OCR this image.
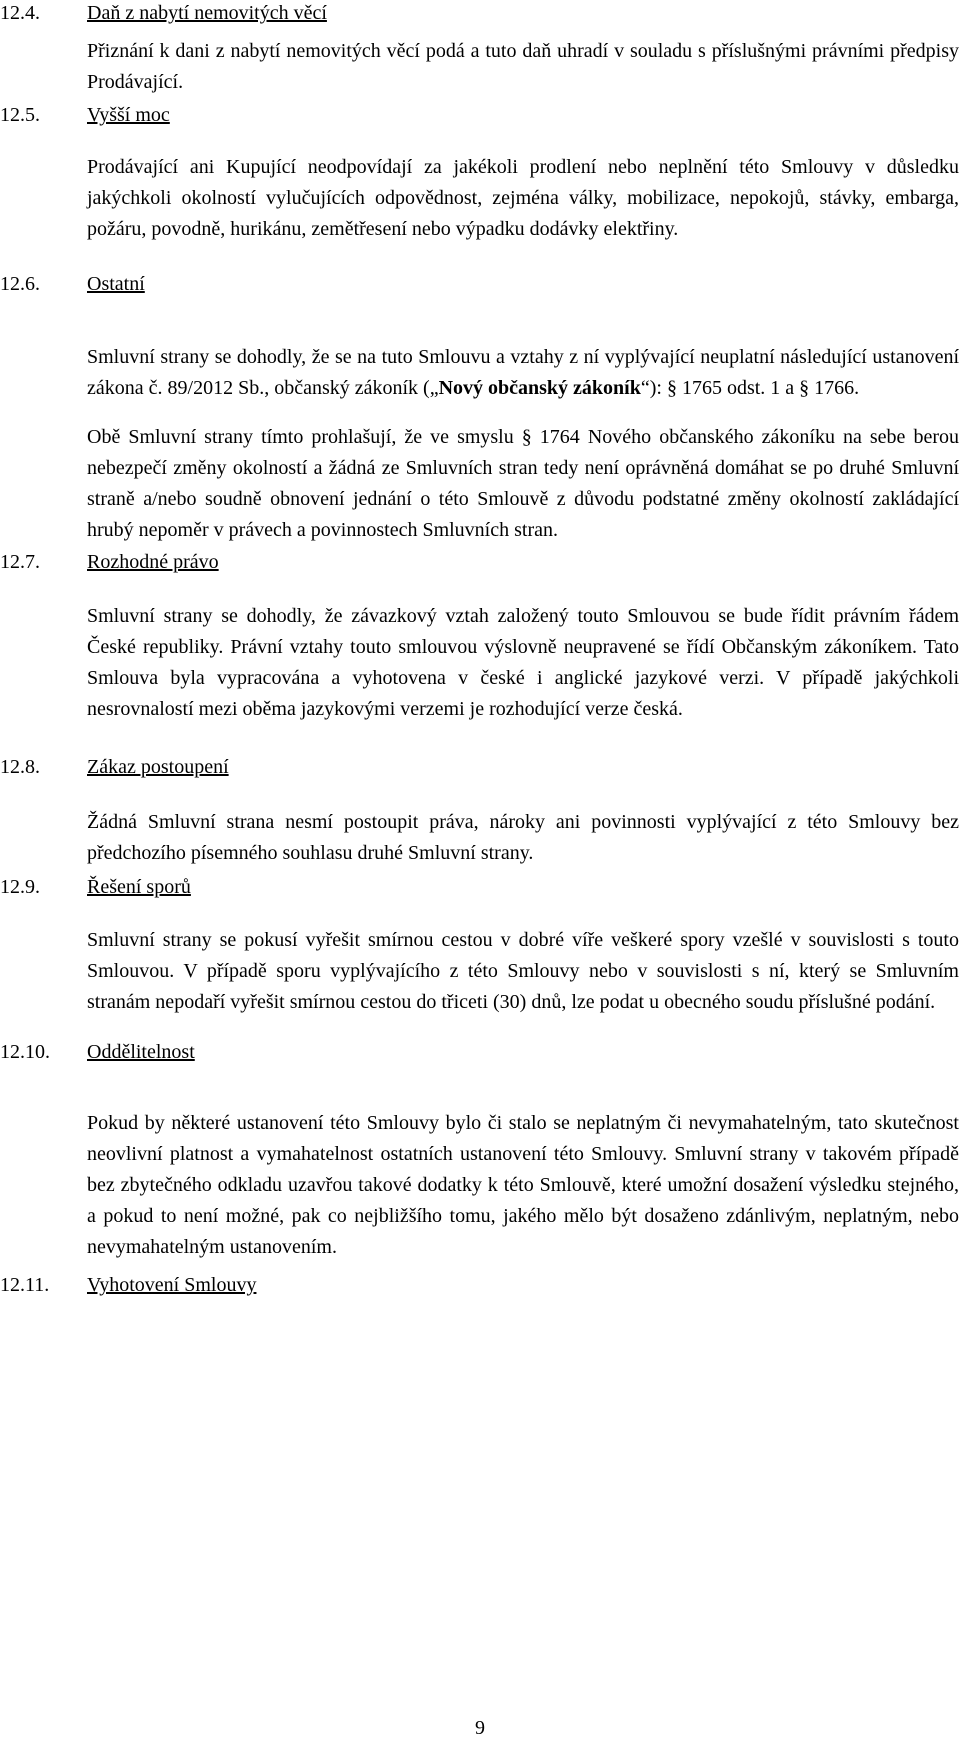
12.4. Daň z nabytí nemovitých věcí

Přiznání k dani z nabytí nemovitých věcí podá a tuto daň uhradí v souladu s příslušnými právními předpisy Prodávající.

12.5. Vyšší moc

Prodávající ani Kupující neodpovídají za jakékoli prodlení nebo neplnění této Smlouvy v důsledku jakýchkoli okolností vylučujících odpovědnost, zejména války, mobilizace, nepokojů, stávky, embarga, požáru, povodně, hurikánu, zemětřesení nebo výpadku dodávky elektřiny.

12.6. Ostatní

Smluvní strany se dohodly, že se na tuto Smlouvu a vztahy z ní vyplývající neuplatní následující ustanovení zákona č. 89/2012 Sb., občanský zákoník („Nový občanský zákoník“): § 1765 odst. 1 a § 1766.

Obě Smluvní strany tímto prohlašují, že ve smyslu § 1764 Nového občanského zákoníku na sebe berou nebezpečí změny okolností a žádná ze Smluvních stran tedy není oprávněná domáhat se po druhé Smluvní straně a/nebo soudně obnovení jednání o této Smlouvě z důvodu podstatné změny okolností zakládající hrubý nepoměr v právech a povinnostech Smluvních stran.

12.7. Rozhodné právo

Smluvní strany se dohodly, že závazkový vztah založený touto Smlouvou se bude řídit právním řádem České republiky. Právní vztahy touto smlouvou výslovně neupravené se řídí Občanským zákoníkem. Tato Smlouva byla vypracována a vyhotovena v české i anglické jazykové verzi. V případě jakýchkoli nesrovnalostí mezi oběma jazykovými verzemi je rozhodující verze česká.

12.8. Zákaz postoupení

Žádná Smluvní strana nesmí postoupit práva, nároky ani povinnosti vyplývající z této Smlouvy bez předchozího písemného souhlasu druhé Smluvní strany.

12.9. Řešení sporů

Smluvní strany se pokusí vyřešit smírnou cestou v dobré víře veškeré spory vzešlé v souvislosti s touto Smlouvou. V případě sporu vyplývajícího z této Smlouvy nebo v souvislosti s ní, který se Smluvním stranám nepodaří vyřešit smírnou cestou do třiceti (30) dnů, lze podat u obecného soudu příslušné podání.

12.10. Oddělitelnost

Pokud by některé ustanovení této Smlouvy bylo či stalo se neplatným či nevymahatelným, tato skutečnost neovlivní platnost a vymahatelnost ostatních ustanovení této Smlouvy. Smluvní strany v takovém případě bez zbytečného odkladu uzavřou takové dodatky k této Smlouvě, které umožní dosažení výsledku stejného, a pokud to není možné, pak co nejbližšího tomu, jakého mělo být dosaženo zdánlivým, neplatným, nebo nevymahatelným ustanovením.

12.11. Vyhotovení Smlouvy
9
